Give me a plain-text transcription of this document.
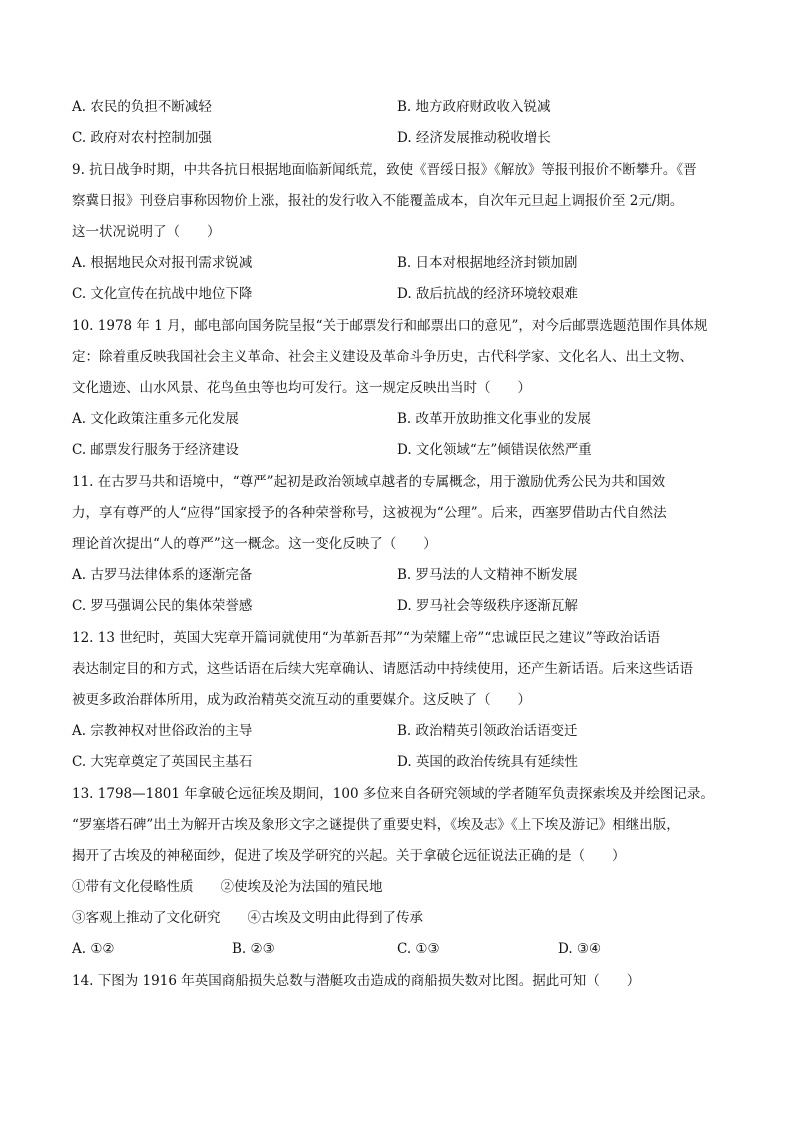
A. 农民的负担不断减轻	B. 地方政府财政收入锐减
C. 政府对农村控制加强	D. 经济发展推动税收增长
9. 抗日战争时期，中共各抗日根据地面临新闻纸荒，致使《晋绥日报》《解放》等报刊报价不断攀升。《晋
察冀日报》刊登启事称因物价上涨，报社的发行收入不能覆盖成本，自次年元旦起上调报价至 2元/期。
这一状况说明了（　　）
A. 根据地民众对报刊需求锐减	B. 日本对根据地经济封锁加剧
C. 文化宣传在抗战中地位下降	D. 敌后抗战的经济环境较艰难
10. 1978 年 1 月，邮电部向国务院呈报“关于邮票发行和邮票出口的意见”，对今后邮票选题范围作具体规
定：除着重反映我国社会主义革命、社会主义建设及革命斗争历史，古代科学家、文化名人、出土文物、
文化遗迹、山水风景、花鸟鱼虫等也均可发行。这一规定反映出当时（　　）
A. 文化政策注重多元化发展	B. 改革开放助推文化事业的发展
C. 邮票发行服务于经济建设	D. 文化领域“左”倾错误依然严重
11. 在古罗马共和语境中，“尊严”起初是政治领域卓越者的专属概念，用于激励优秀公民为共和国效
力，享有尊严的人“应得”国家授予的各种荣誉称号，这被视为“公理”。后来，西塞罗借助古代自然法
理论首次提出“人的尊严”这一概念。这一变化反映了（　　）
A. 古罗马法律体系的逐渐完备	B. 罗马法的人文精神不断发展
C. 罗马强调公民的集体荣誉感	D. 罗马社会等级秩序逐渐瓦解
12. 13 世纪时，英国大宪章开篇词就使用“为革新吾邦”“为荣耀上帝”“忠诚臣民之建议”等政治话语
表达制定目的和方式，这些话语在后续大宪章确认、请愿活动中持续使用，还产生新话语。后来这些话语
被更多政治群体所用，成为政治精英交流互动的重要媒介。这反映了（　　）
A. 宗教神权对世俗政治的主导	B. 政治精英引领政治话语变迁
C. 大宪章奠定了英国民主基石	D. 英国的政治传统具有延续性
13. 1798—1801 年拿破仑远征埃及期间，100 多位来自各研究领域的学者随军负责探索埃及并绘图记录。
“罗塞塔石碑”出土为解开古埃及象形文字之谜提供了重要史料，《埃及志》《上下埃及游记》相继出版，
揭开了古埃及的神秘面纱，促进了埃及学研究的兴起。关于拿破仑远征说法正确的是（　　）
①带有文化侵略性质　　②使埃及沦为法国的殖民地
③客观上推动了文化研究　　④古埃及文明由此得到了传承
A. ①②	B. ②③	C. ①③	D. ③④
14. 下图为 1916 年英国商船损失总数与潜艇攻击造成的商船损失数对比图。据此可知（　　）
